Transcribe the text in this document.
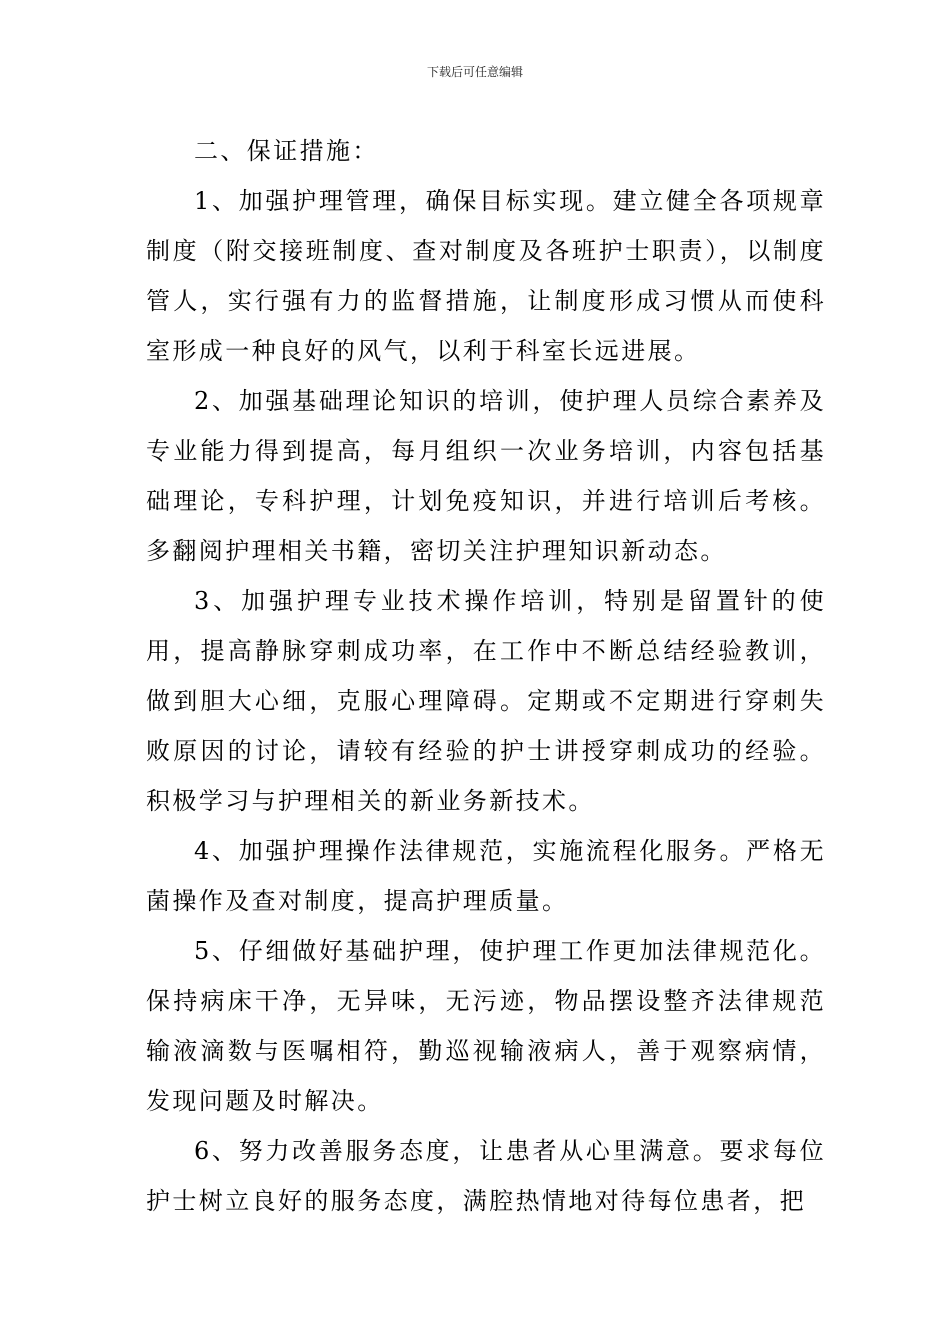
下载后可任意编辑

二、保证措施：

1、加强护理管理，确保目标实现。建立健全各项规章制度（附交接班制度、查对制度及各班护士职责），以制度管人，实行强有力的监督措施，让制度形成习惯从而使科室形成一种良好的风气，以利于科室长远进展。

2、加强基础理论知识的培训，使护理人员综合素养及专业能力得到提高，每月组织一次业务培训，内容包括基础理论，专科护理，计划免疫知识，并进行培训后考核。多翻阅护理相关书籍，密切关注护理知识新动态。

3、加强护理专业技术操作培训，特别是留置针的使用，提高静脉穿刺成功率，在工作中不断总结经验教训，做到胆大心细，克服心理障碍。定期或不定期进行穿刺失败原因的讨论，请较有经验的护士讲授穿刺成功的经验。积极学习与护理相关的新业务新技术。

4、加强护理操作法律规范，实施流程化服务。严格无菌操作及查对制度，提高护理质量。

5、仔细做好基础护理，使护理工作更加法律规范化。保持病床干净，无异味，无污迹，物品摆设整齐法律规范输液滴数与医嘱相符，勤巡视输液病人，善于观察病情，发现问题及时解决。

6、努力改善服务态度，让患者从心里满意。要求每位护士树立良好的服务态度，满腔热情地对待每位患者，把
